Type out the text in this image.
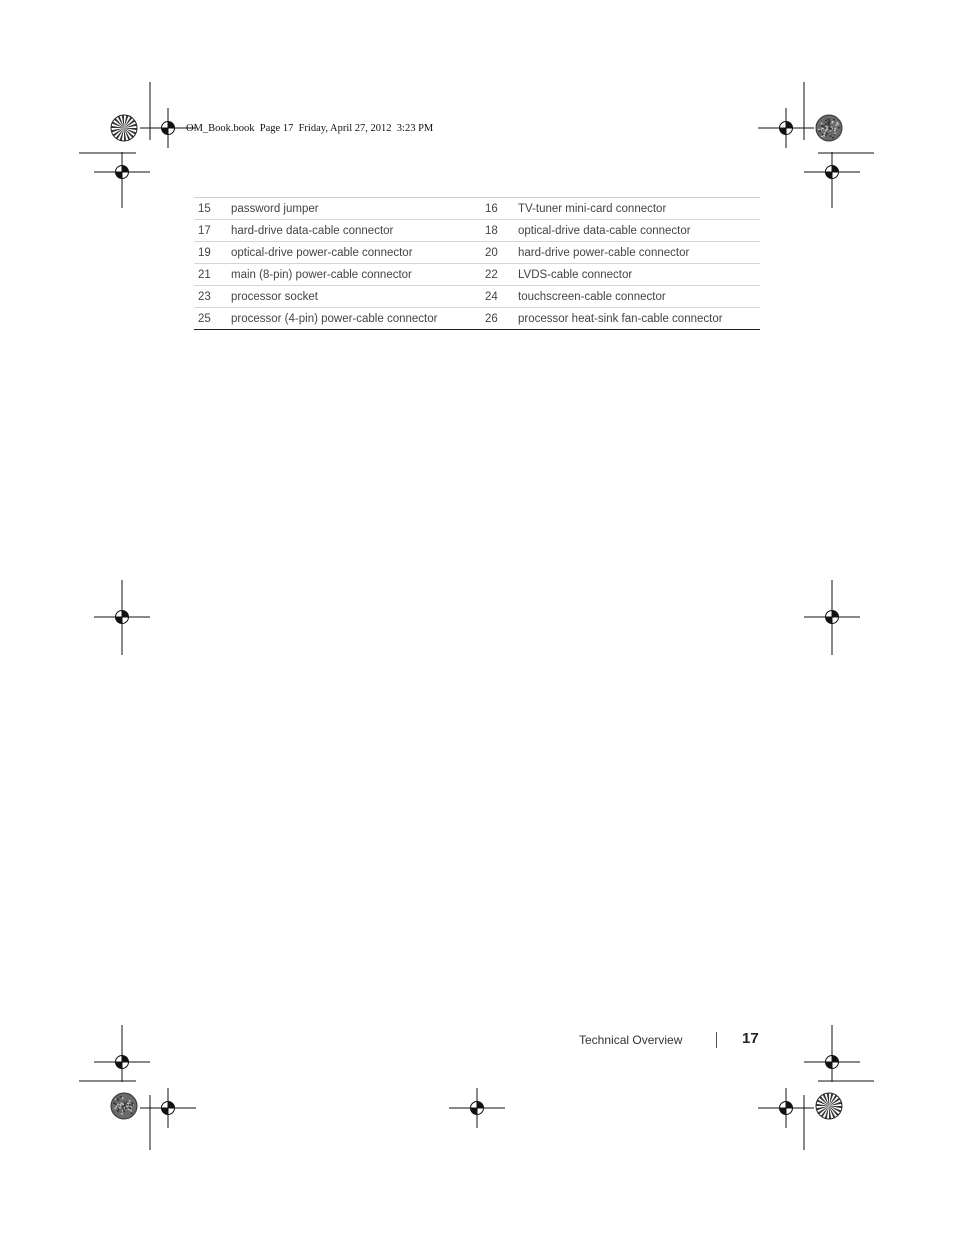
OM_Book.book  Page 17  Friday, April 27, 2012  3:23 PM
15	password jumper	16	TV-tuner mini-card connector
17	hard-drive data-cable connector	18	optical-drive data-cable connector
19	optical-drive power-cable connector	20	hard-drive power-cable connector
21	main (8-pin) power-cable connector	22	LVDS-cable connector
23	processor socket	24	touchscreen-cable connector
25	processor (4-pin) power-cable connector	26	processor heat-sink fan-cable connector
Technical Overview	17
